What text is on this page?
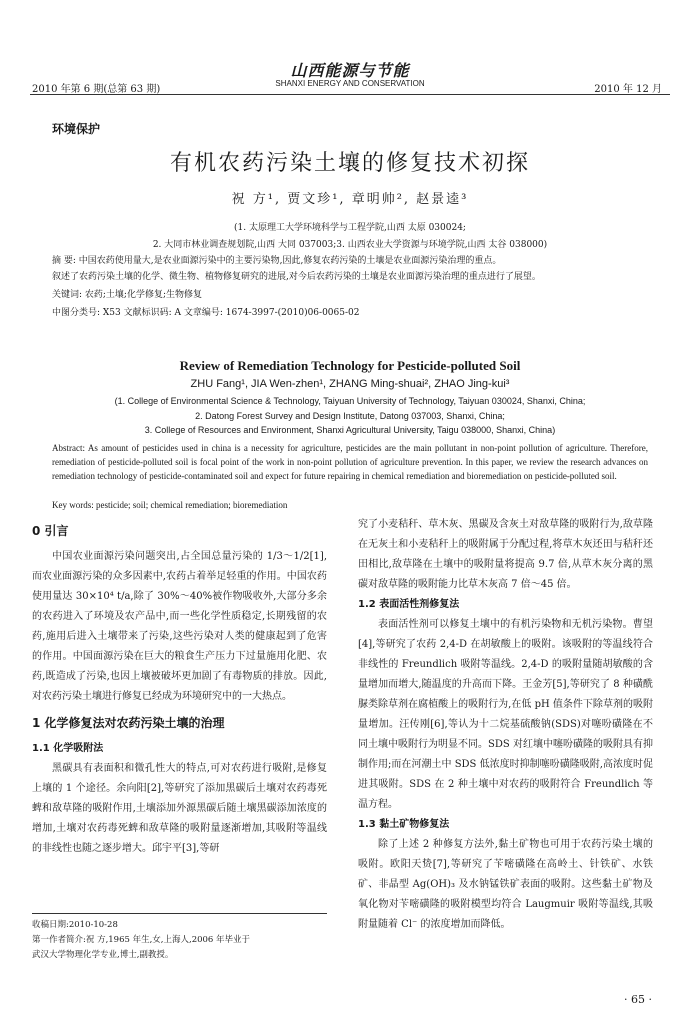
2010 年第 6 期(总第 63 期)
山西能源与节能
SHANXI ENERGY AND CONSERVATION
2010 年 12 月
环境保护
有机农药污染土壤的修复技术初探
祝 方¹, 贾文珍¹, 章明帅², 赵景逵³
(1. 太原理工大学环境科学与工程学院,山西 太原 030024;
2. 大同市林业调查规划院,山西 大同 037003;3. 山西农业大学资源与环境学院,山西 太谷 038000)
摘 要: 中国农药使用量大,是农业面源污染中的主要污染物,因此,修复农药污染的土壤是农业面源污染治理的重点。
叙述了农药污染土壤的化学、微生物、植物修复研究的进展,对今后农药污染的土壤是农业面源污染治理的重点进行了展望。
关键词: 农药;土壤;化学修复;生物修复
中图分类号: X53 文献标识码: A 文章编号: 1674-3997-(2010)06-0065-02
Review of Remediation Technology for Pesticide-polluted Soil
ZHU Fang¹, JIA Wen-zhen¹, ZHANG Ming-shuai², ZHAO Jing-kui³
(1. College of Environmental Science & Technology, Taiyuan University of Technology, Taiyuan 030024, Shanxi, China;
2. Datong Forest Survey and Design Institute, Datong 037003, Shanxi, China;
3. College of Resources and Environment, Shanxi Agricultural University, Taigu 038000, Shanxi, China)
Abstract: As amount of pesticides used in china is a necessity for agriculture, pesticides are the main pollutant in non-point pollution of agriculture. Therefore, remediation of pesticide-polluted soil is focal point of the work in non-point pollution of agriculture prevention. In this paper, we review the research advances on remediation technology of pesticide-contaminated soil and expect for future repairing in chemical remediation and bioremediation on pesticide-polluted soil.
Key words: pesticide; soil; chemical remediation; bioremediation
0 引言

中国农业面源污染问题突出,占全国总量污染的 1/3～1/2[1],而农业面源污染的众多因素中,农药占着举足轻重的作用。中国农药使用量达 30×10⁴ t/a,除了 30%～40%被作物吸收外,大部分多余的农药进入了环境及农产品中,而一些化学性质稳定,长期残留的农药,施用后进入土壤带来了污染,这些污染对人类的健康起到了危害的作用。中国面源污染在巨大的粮食生产压力下过量施用化肥、农药,既造成了污染,也因上壤被破坏更加剧了有毒物质的排放。因此,对农药污染土壤进行修复已经成为环境研究中的一大热点。

1 化学修复法对农药污染土壤的治理
1.1 化学吸附法

黑碳具有表面积和微孔性大的特点,可对农药进行吸附,是修复上壤的 1 个途径。余向阳[2],等研究了添加黑碳后土壤对农药毒死蜱和敌草隆的吸附作用,土壤添加外源黑碳后随土壤黑碳添加浓度的增加,土壤对农药毒死蜱和敌草隆的吸附量逐渐增加,其吸附等温线的非线性也随之逐步增大。邱宇平[3],等研

究了小麦秸秆、草木灰、黑碳及含灰土对敌草隆的吸附行为,敌草隆在无灰土和小麦秸秆上的吸附属于分配过程,将草木灰还田与秸秆还田相比,敌草隆在土壤中的吸附量将提高 9.7 倍,从草木灰分离的黑碳对敌草隆的吸附能力比草木灰高 7 倍～45 倍。

1.2 表面活性剂修复法

表面活性剂可以修复土壤中的有机污染物和无机污染物。曹望[4],等研究了农药 2,4-D 在胡敏酸上的吸附。该吸附的等温线符合非线性的 Freundlich 吸附等温线。2,4-D 的吸附量随胡敏酸的含量增加而增大,随温度的升高而下降。王金芳[5],等研究了 8 种磺酰脲类除草剂在腐植酸上的吸附行为,在低 pH 值条件下除草剂的吸附量增加。汪传刚[6],等认为十二烷基硫酸钠(SDS)对噻吩磺隆在不同土壤中吸附行为明显不同。SDS 对红壤中噻吩磺隆的吸附具有抑制作用;而在河潮土中 SDS 低浓度时抑制噻吩磺隆吸附,高浓度时促进其吸附。SDS 在 2 种土壤中对农药的吸附符合 Freundlich 等温方程。

1.3 黏土矿物修复法

除了上述 2 种修复方法外,黏土矿物也可用于农药污染土壤的吸附。欧阳天贽[7],等研究了苄嘧磺隆在高岭土、针铁矿、水铁矿、非晶型 Ag(OH)₃ 及水钠锰铁矿表面的吸附。这些黏土矿物及氧化物对苄嘧磺隆的吸附模型均符合 Laugmuir 吸附等温线,其吸附量随着 Cl⁻ 的浓度增加而降低。

收稿日期:2010-10-28
第一作者简介:祝 方,1965 年生,女,上海人,2006 年毕业于
武汉大学物理化学专业,博士,副教授。
· 65 ·
